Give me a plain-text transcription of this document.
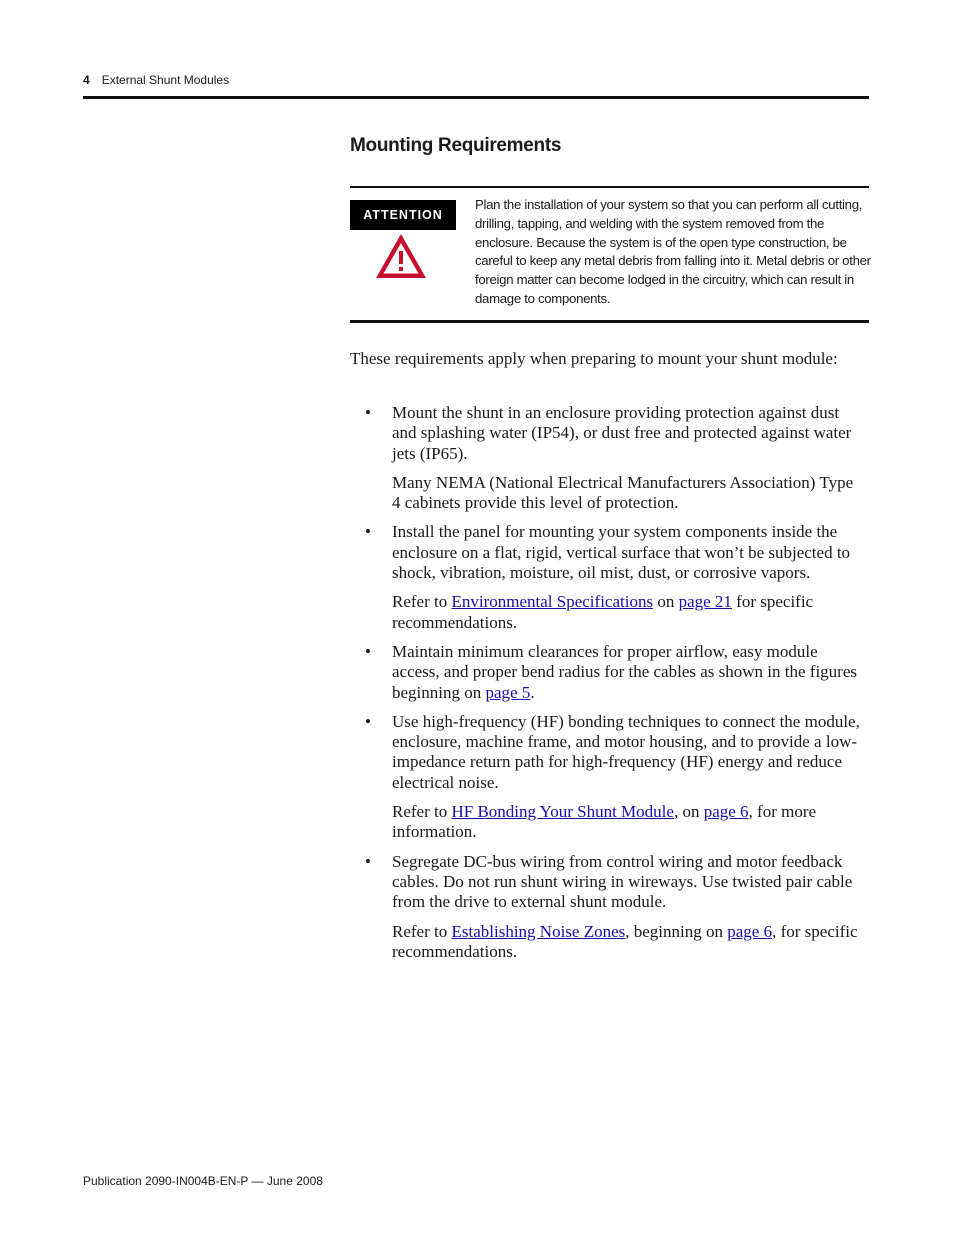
4 External Shunt Modules
Mounting Requirements
ATTENTION
Plan the installation of your system so that you can perform all cutting, drilling, tapping, and welding with the system removed from the enclosure. Because the system is of the open type construction, be careful to keep any metal debris from falling into it. Metal debris or other foreign matter can become lodged in the circuitry, which can result in damage to components.

These requirements apply when preparing to mount your shunt module:

• Mount the shunt in an enclosure providing protection against dust and splashing water (IP54), or dust free and protected against water jets (IP65).

Many NEMA (National Electrical Manufacturers Association) Type 4 cabinets provide this level of protection.

• Install the panel for mounting your system components inside the enclosure on a flat, rigid, vertical surface that won’t be subjected to shock, vibration, moisture, oil mist, dust, or corrosive vapors.

Refer to Environmental Specifications on page 21 for specific recommendations.

• Maintain minimum clearances for proper airflow, easy module access, and proper bend radius for the cables as shown in the figures beginning on page 5.

• Use high-frequency (HF) bonding techniques to connect the module, enclosure, machine frame, and motor housing, and to provide a low-impedance return path for high-frequency (HF) energy and reduce electrical noise.

Refer to HF Bonding Your Shunt Module, on page 6, for more information.

• Segregate DC-bus wiring from control wiring and motor feedback cables. Do not run shunt wiring in wireways. Use twisted pair cable from the drive to external shunt module.

Refer to Establishing Noise Zones, beginning on page 6, for specific recommendations.

Publication 2090-IN004B-EN-P — June 2008
